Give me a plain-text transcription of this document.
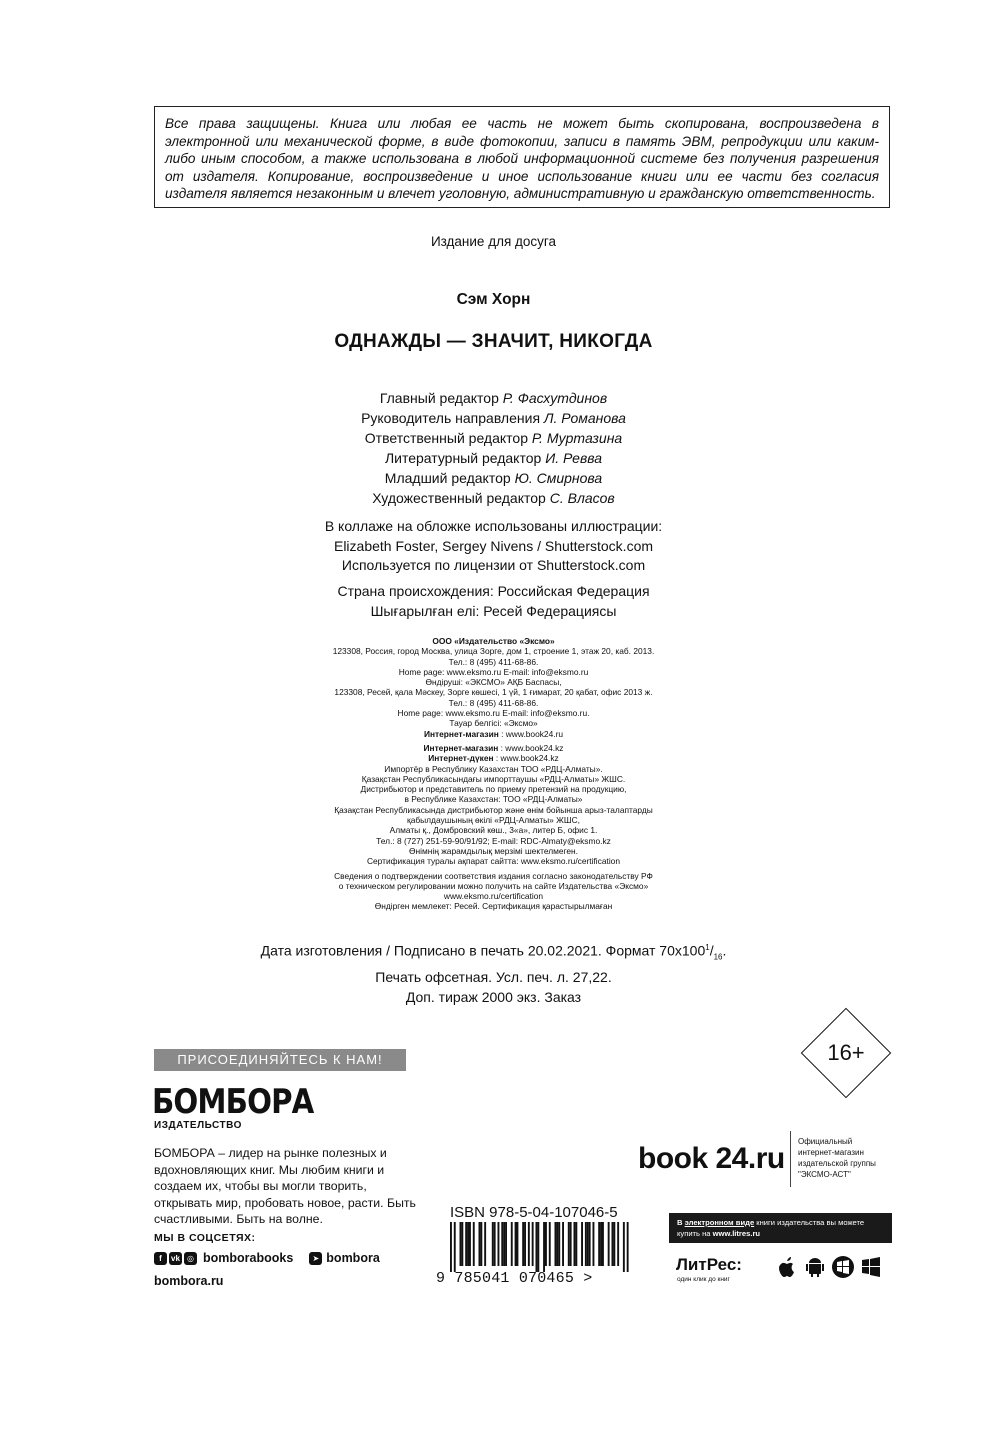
Все права защищены. Книга или любая ее часть не может быть скопирована, воспроизведена в электронной или механической форме, в виде фотокопии, записи в память ЭВМ, репродукции или каким-либо иным способом, а также использована в любой информационной системе без получения разрешения от издателя. Копирование, воспроизведение и иное использование книги или ее части без согласия издателя является незаконным и влечет уголовную, административную и гражданскую ответственность.

Издание для досуга
Сэм Хорн
ОДНАЖДЫ — ЗНАЧИТ, НИКОГДА
Главный редактор Р. Фасхутдинов
Руководитель направления Л. Романова
Ответственный редактор Р. Муртазина
Литературный редактор И. Ревва
Младший редактор Ю. Смирнова
Художественный редактор С. Власов
В коллаже на обложке использованы иллюстрации:
Elizabeth Foster, Sergey Nivens / Shutterstock.com
Используется по лицензии от Shutterstock.com
Страна происхождения: Российская Федерация
Шығарылған елі: Ресей Федерациясы
ООО «Издательство «Эксмо»
123308, Россия, город Москва, улица Зорге, дом 1, строение 1, этаж 20, каб. 2013.
Тел.: 8 (495) 411-68-86.
Home page: www.eksmo.ru E-mail: info@eksmo.ru
Өндіруші: «ЭКСМО» АҚБ Баспасы,
123308, Ресей, қала Мәскеу, Зорге көшесі, 1 үй, 1 ғимарат, 20 қабат, офис 2013 ж.
Тел.: 8 (495) 411-68-86.
Home page: www.eksmo.ru E-mail: info@eksmo.ru.
Тауар белгісі: «Эксмо»
Интернет-магазин : www.book24.ru
Интернет-магазин : www.book24.kz
Интернет-дүкен : www.book24.kz
Импортёр в Республику Казахстан ТОО «РДЦ-Алматы».
Қазақстан Республикасындағы импорттаушы «РДЦ-Алматы» ЖШС.
Дистрибьютор и представитель по приему претензий на продукцию,
в Республике Казахстан: ТОО «РДЦ-Алматы»
Қазақстан Республикасында дистрибьютор және өнім бойынша арыз-талаптарды
қабылдаушының өкілі «РДЦ-Алматы» ЖШС,
Алматы қ., Домбровский көш., 3«а», литер Б, офис 1.
Тел.: 8 (727) 251-59-90/91/92; E-mail: RDC-Almaty@eksmo.kz
Өнімнің жарамдылық мерзімі шектелмеген.
Сертификация туралы ақпарат сайтта: www.eksmo.ru/certification
Сведения о подтверждении соответствия издания согласно законодательству РФ
о техническом регулировании можно получить на сайте Издательства «Эксмо»
www.eksmo.ru/certification
Өндірген мемлекет: Ресей. Сертификация қарастырылмаған
Дата изготовления / Подписано в печать 20.02.2021. Формат $70x100^1/_{16}$.
Печать офсетная. Усл. печ. л. 27,22.
Доп. тираж 2000 экз. Заказ
ПРИСОЕДИНЯЙТЕСЬ К НАМ!
БОМБОРА
ИЗДАТЕЛЬСТВО
БОМБОРА – лидер на рынке полезных и вдохновляющих книг. Мы любим книги и создаем их, чтобы вы могли творить, открывать мир, пробовать новое, расти. Быть счастливыми. Быть на волне.
МЫ В СОЦСЕТЯХ:
f	vk ◎ bomborabooks	➤ bombora
bombora.ru
16+
ISBN 978-5-04-107046-5
9 785041 070465 >
book 24.ru
Официальный
интернет-магазин
издательской группы
"ЭКСМО-АСТ"
В электронном виде книги издательства вы можете
купить на www.litres.ru
ЛитРес:
один клик до книг
